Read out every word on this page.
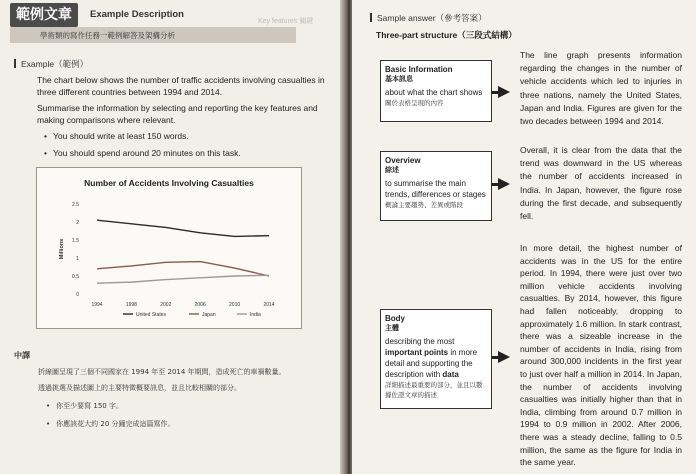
範例文章	Example Description
Key features 關鍵
學術類的寫作任務一範例解答及架構分析
Example（範例）
The chart below shows the number of traffic accidents involving casualties in three different countries between 1994 and 2014.
Summarise the information by selecting and reporting the key features and making comparisons where relevant.
• You should write at least 150 words.
• You should spend around 20 minutes on this task.
Number of Accidents Involving Casualties
0
0.5
1
1.5
2
2.5
Millions
1994	1998	2002	2006	2010	2014
United States	Japan	India
中譯
折線圖呈現了三個不同國家在 1994 年至 2014 年期間，造成死亡的車禍數量。
透過挑選及描述圖上的主要特徵概要訊息，並且比較相關的部分。
• 你至少要寫 150 字。
• 你應該花大約 20 分鐘完成這篇寫作。
Sample answer（參考答案）
Three-part structure（三段式結構）
Basic Information
基本訊息
about what the chart shows
關於表格呈現的內容
The line graph presents information regarding the changes in the number of vehicle accidents which led to injuries in three nations, namely the United States, Japan and India. Figures are given for the two decades between 1994 and 2014.
Overview
綜述
to summarise the main trends, differences or stages
概論主要趨勢、差異或階段
Overall, it is clear from the data that the trend was downward in the US whereas the number of accidents increased in India. In Japan, however, the figure rose during the first decade, and subsequently fell.
Body
主體
describing the most important points in more detail and supporting the description with data
詳細描述最重要的部分，並且以數據佐證文章的描述
In more detail, the highest number of accidents was in the US for the entire period. In 1994, there were just over two million vehicle accidents involving casualties. By 2014, however, this figure had fallen noticeably, dropping to approximately 1.6 million. In stark contrast, there was a sizeable increase in the number of accidents in India, rising from around 300,000 incidents in the first year to just over half a million in 2014. In Japan, the number of accidents involving casualties was initially higher than that in India, climbing from around 0.7 million in 1994 to 0.9 million in 2002. After 2006, there was a steady decline, falling to 0.5 million, the same as the figure for India in the same year.
